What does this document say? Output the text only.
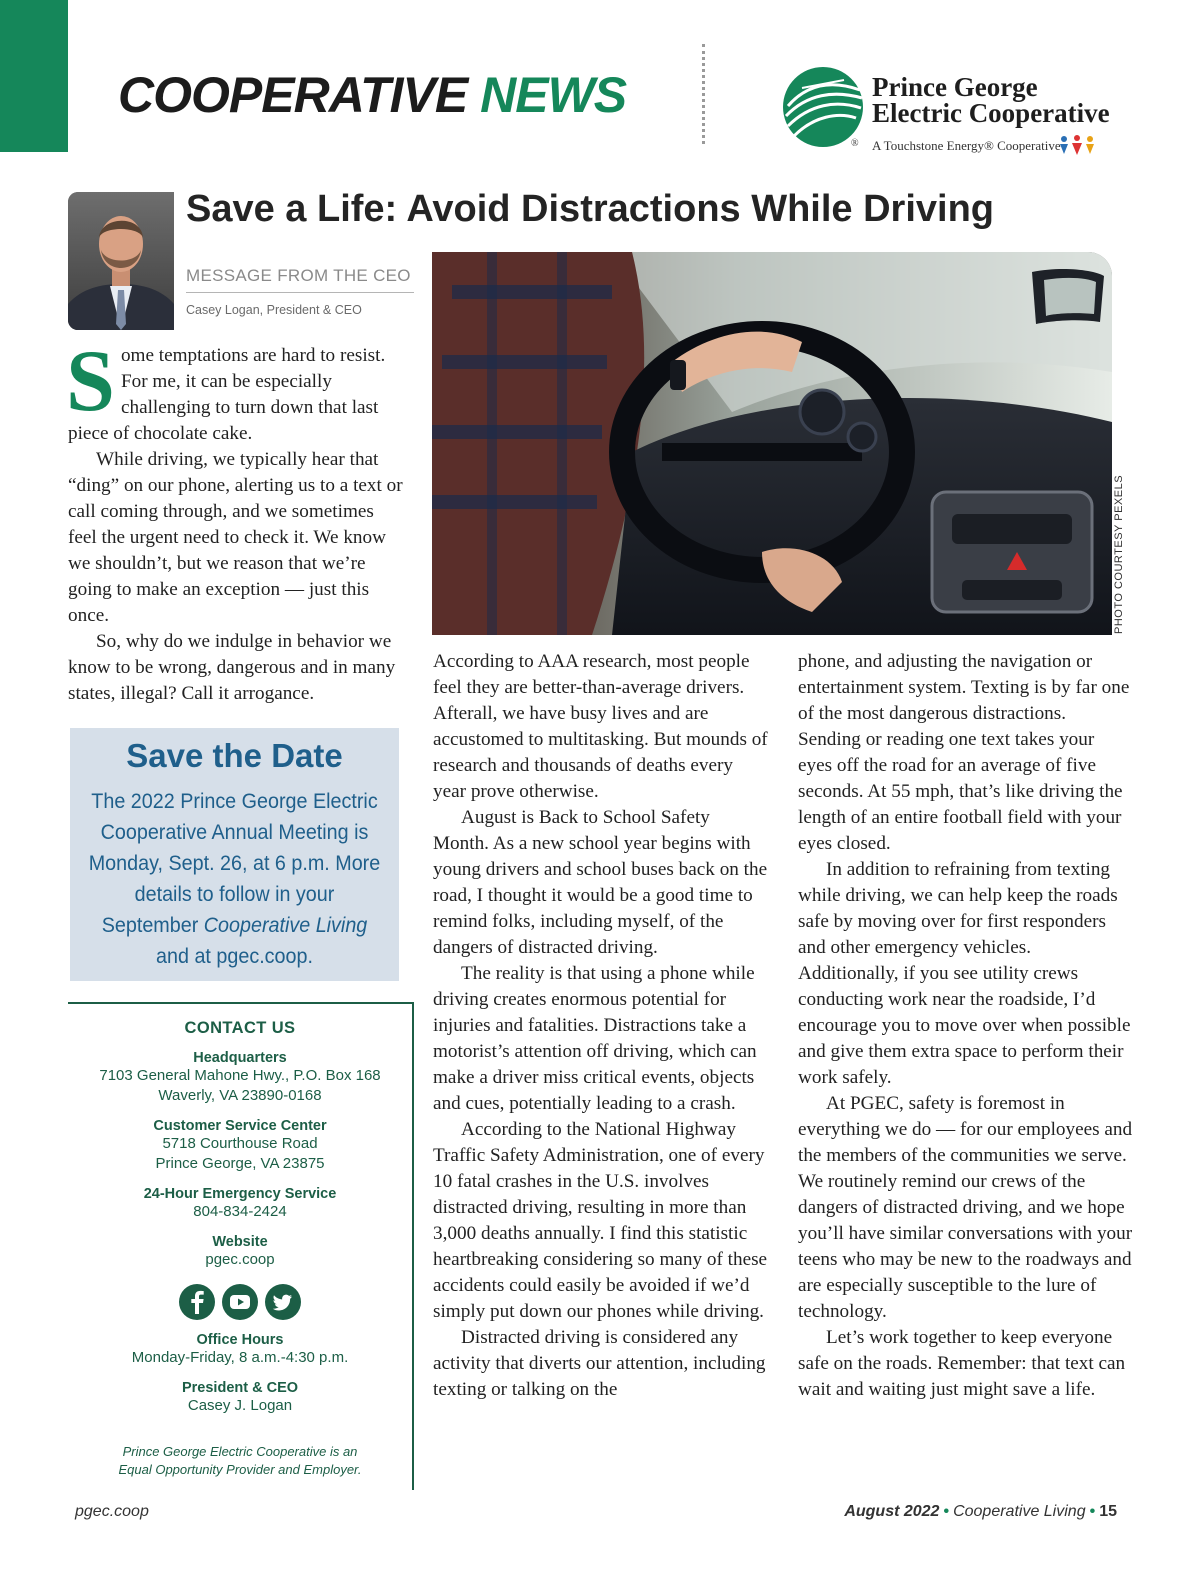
COOPERATIVE NEWS
®
Prince George
Electric Cooperative
A Touchstone Energy® Cooperative
Save a Life: Avoid Distractions While Driving
MESSAGE FROM THE CEO
Casey Logan, President & CEO
PHOTO COURTESY PEXELS

Some temptations are hard to resist. For me, it can be especially challenging to turn down that last piece of chocolate cake.

While driving, we typically hear that “ding” on our phone, alerting us to a text or call coming through, and we sometimes feel the urgent need to check it. We know we shouldn’t, but we reason that we’re going to make an exception — just this once.

So, why do we indulge in behavior we know to be wrong, dangerous and in many states, illegal? Call it arrogance.

Save the Date
The 2022 Prince George Electric Cooperative Annual Meeting is Monday, Sept. 26, at 6 p.m. More details to follow in your September Cooperative Living and at pgec.coop.
CONTACT US
Headquarters
7103 General Mahone Hwy., P.O. Box 168
Waverly, VA 23890-0168
Customer Service Center
5718 Courthouse Road
Prince George, VA 23875
24-Hour Emergency Service
804-834-2424
Website
pgec.coop
Office Hours
Monday-Friday, 8 a.m.-4:30 p.m.
President & CEO
Casey J. Logan
Prince George Electric Cooperative is an
Equal Opportunity Provider and Employer.

According to AAA research, most people feel they are better-than-average drivers. Afterall, we have busy lives and are accustomed to multitasking. But mounds of research and thousands of deaths every year prove otherwise.

August is Back to School Safety Month. As a new school year begins with young drivers and school buses back on the road, I thought it would be a good time to remind folks, including myself, of the dangers of distracted driving.

The reality is that using a phone while driving creates enormous potential for injuries and fatalities. Distractions take a motorist’s attention off driving, which can make a driver miss critical events, objects and cues, potentially leading to a crash.

According to the National Highway Traffic Safety Administration, one of every 10 fatal crashes in the U.S. involves distracted driving, resulting in more than 3,000 deaths annually. I find this statistic heartbreaking considering so many of these accidents could easily be avoided if we’d simply put down our phones while driving.

Distracted driving is considered any activity that diverts our attention, including texting or talking on the

phone, and adjusting the navigation or entertainment system. Texting is by far one of the most dangerous distractions. Sending or reading one text takes your eyes off the road for an average of five seconds. At 55 mph, that’s like driving the length of an entire football field with your eyes closed.

In addition to refraining from texting while driving, we can help keep the roads safe by moving over for first responders and other emergency vehicles. Additionally, if you see utility crews conducting work near the roadside, I’d encourage you to move over when possible and give them extra space to perform their work safely.

At PGEC, safety is foremost in everything we do — for our employees and the members of the communities we serve. We routinely remind our crews of the dangers of distracted driving, and we hope you’ll have similar conversations with your teens who may be new to the roadways and are especially susceptible to the lure of technology.

Let’s work together to keep everyone safe on the roads. Remember: that text can wait and waiting just might save a life.

pgec.coop	August 2022 • Cooperative Living • 15
